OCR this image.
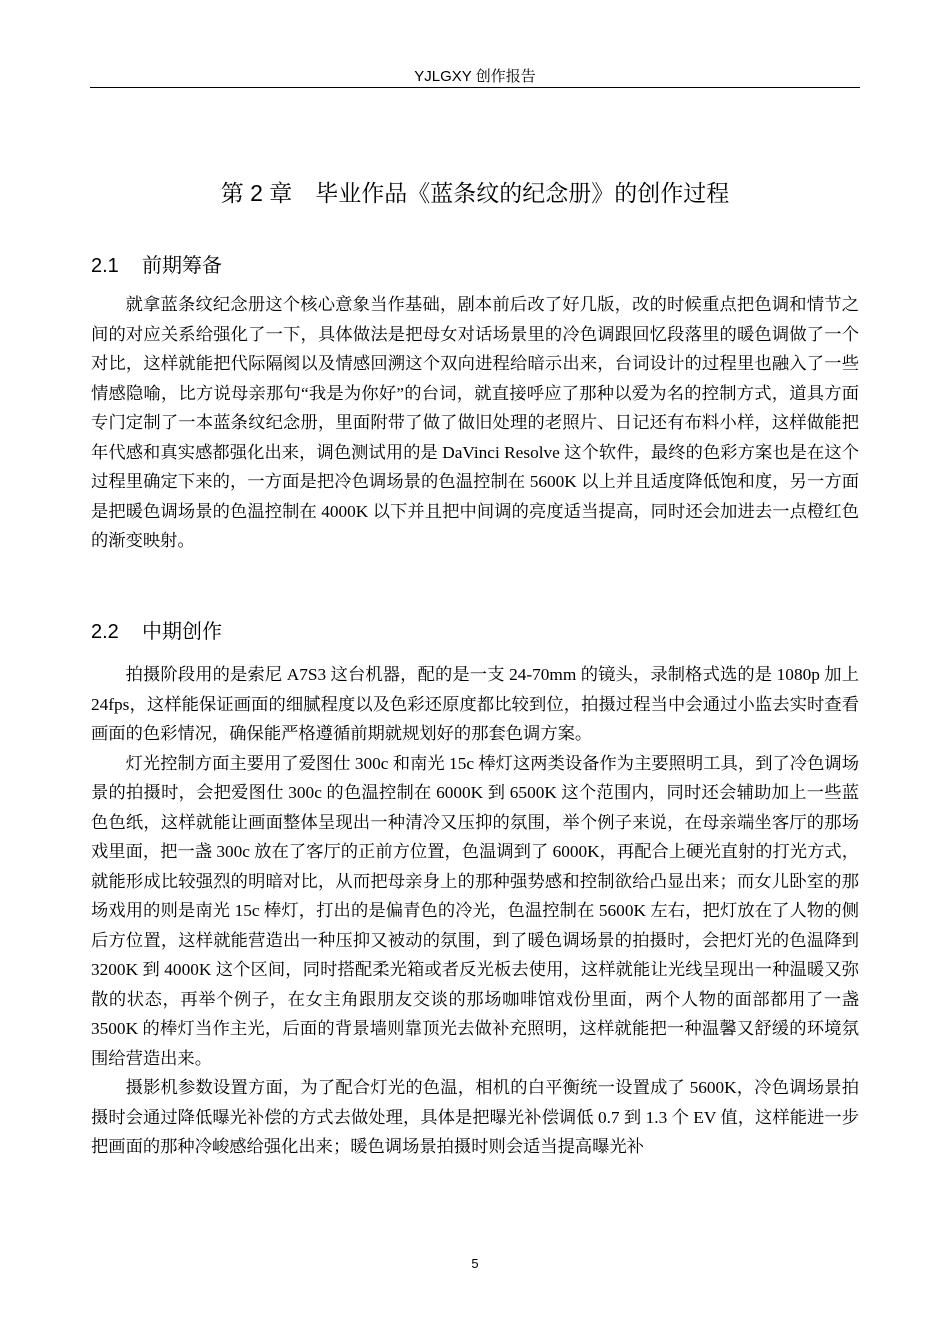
YJLGXY 创作报告
第 2 章　毕业作品《蓝条纹的纪念册》的创作过程
2.1 前期筹备

就拿蓝条纹纪念册这个核心意象当作基础，剧本前后改了好几版，改的时候重点把色调和情节之间的对应关系给强化了一下，具体做法是把母女对话场景里的冷色调跟回忆段落里的暖色调做了一个对比，这样就能把代际隔阂以及情感回溯这个双向进程给暗示出来，台词设计的过程里也融入了一些情感隐喻，比方说母亲那句“我是为你好”的台词，就直接呼应了那种以爱为名的控制方式，道具方面专门定制了一本蓝条纹纪念册，里面附带了做了做旧处理的老照片、日记还有布料小样，这样做能把年代感和真实感都强化出来，调色测试用的是 DaVinci Resolve 这个软件，最终的色彩方案也是在这个过程里确定下来的，一方面是把冷色调场景的色温控制在 5600K 以上并且适度降低饱和度，另一方面是把暖色调场景的色温控制在 4000K 以下并且把中间调的亮度适当提高，同时还会加进去一点橙红色的渐变映射。

2.2 中期创作

拍摄阶段用的是索尼 A7S3 这台机器，配的是一支 24-70mm 的镜头，录制格式选的是 1080p 加上 24fps，这样能保证画面的细腻程度以及色彩还原度都比较到位，拍摄过程当中会通过小监去实时查看画面的色彩情况，确保能严格遵循前期就规划好的那套色调方案。

灯光控制方面主要用了爱图仕 300c 和南光 15c 棒灯这两类设备作为主要照明工具，到了冷色调场景的拍摄时，会把爱图仕 300c 的色温控制在 6000K 到 6500K 这个范围内，同时还会辅助加上一些蓝色色纸，这样就能让画面整体呈现出一种清冷又压抑的氛围，举个例子来说，在母亲端坐客厅的那场戏里面，把一盏 300c 放在了客厅的正前方位置，色温调到了 6000K，再配合上硬光直射的打光方式，就能形成比较强烈的明暗对比，从而把母亲身上的那种强势感和控制欲给凸显出来；而女儿卧室的那场戏用的则是南光 15c 棒灯，打出的是偏青色的冷光，色温控制在 5600K 左右，把灯放在了人物的侧后方位置，这样就能营造出一种压抑又被动的氛围，到了暖色调场景的拍摄时，会把灯光的色温降到 3200K 到 4000K 这个区间，同时搭配柔光箱或者反光板去使用，这样就能让光线呈现出一种温暖又弥散的状态，再举个例子，在女主角跟朋友交谈的那场咖啡馆戏份里面，两个人物的面部都用了一盏 3500K 的棒灯当作主光，后面的背景墙则靠顶光去做补充照明，这样就能把一种温馨又舒缓的环境氛围给营造出来。

摄影机参数设置方面，为了配合灯光的色温，相机的白平衡统一设置成了 5600K，冷色调场景拍摄时会通过降低曝光补偿的方式去做处理，具体是把曝光补偿调低 0.7 到 1.3 个 EV 值，这样能进一步把画面的那种冷峻感给强化出来；暖色调场景拍摄时则会适当提高曝光补

5
